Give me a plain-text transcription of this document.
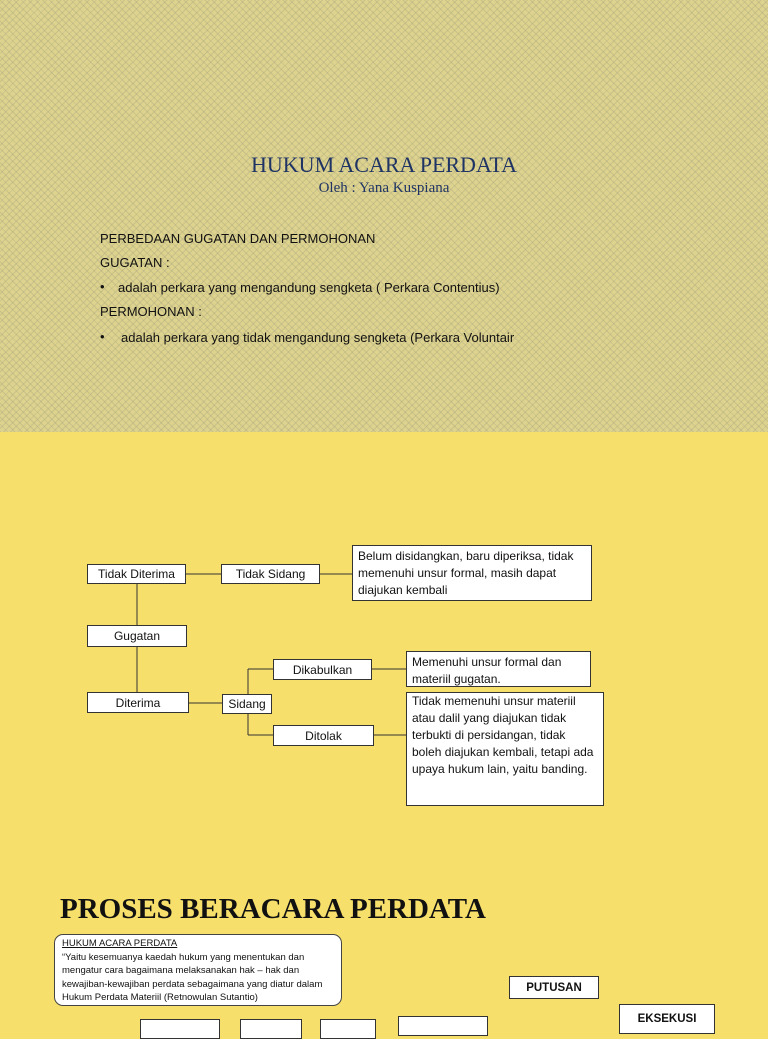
HUKUM ACARA PERDATA
Oleh : Yana Kuspiana
PERBEDAAN GUGATAN DAN PERMOHONAN
GUGATAN :
• adalah perkara yang mengandung sengketa ( Perkara Contentius)
PERMOHONAN :
• adalah perkara yang tidak mengandung sengketa (Perkara Voluntair
Tidak Diterima	Tidak Sidang
Belum disidangkan, baru diperiksa, tidak memenuhi unsur formal, masih dapat diajukan kembali
Gugatan
Diterima	Sidang
Dikabulkan
Memenuhi unsur formal dan materiil gugatan.
Ditolak
Tidak memenuhi unsur materiil atau dalil yang diajukan tidak terbukti di persidangan, tidak boleh diajukan kembali, tetapi ada upaya hukum lain, yaitu banding.
PROSES BERACARA PERDATA
HUKUM ACARA PERDATA
“Yaitu kesemuanya kaedah hukum yang menentukan dan mengatur cara bagaimana melaksanakan hak – hak dan kewajiban-kewajiban perdata sebagaimana yang diatur dalam Hukum Perdata Materiil (Retnowulan Sutantio)
PUTUSAN
EKSEKUSI
